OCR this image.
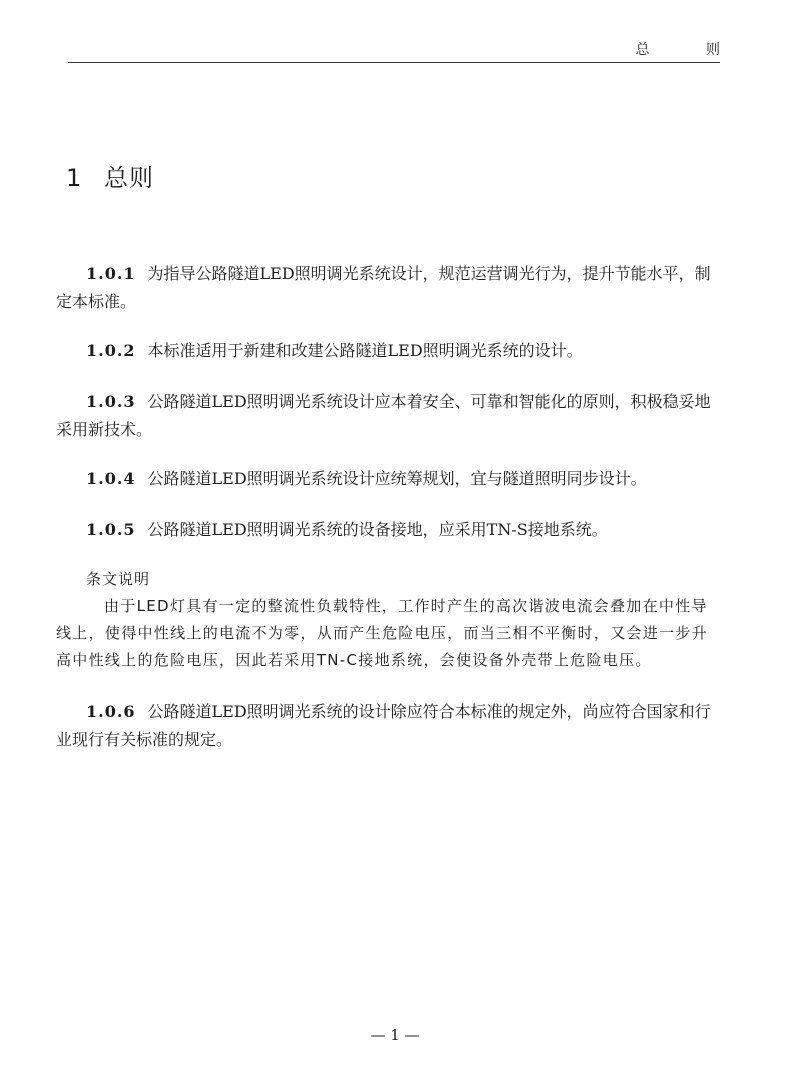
总 则
1 总则
1.0.1 为指导公路隧道LED照明调光系统设计，规范运营调光行为，提升节能水平，制定本标准。
1.0.2 本标准适用于新建和改建公路隧道LED照明调光系统的设计。
1.0.3 公路隧道LED照明调光系统设计应本着安全、可靠和智能化的原则，积极稳妥地采用新技术。
1.0.4 公路隧道LED照明调光系统设计应统筹规划，宜与隧道照明同步设计。
1.0.5 公路隧道LED照明调光系统的设备接地，应采用TN-S接地系统。
条文说明
由于LED灯具有一定的整流性负载特性，工作时产生的高次谐波电流会叠加在中性导线上，使得中性线上的电流不为零，从而产生危险电压，而当三相不平衡时，又会进一步升高中性线上的危险电压，因此若采用TN-C接地系统，会使设备外壳带上危险电压。
1.0.6 公路隧道LED照明调光系统的设计除应符合本标准的规定外，尚应符合国家和行业现行有关标准的规定。
— 1 —
